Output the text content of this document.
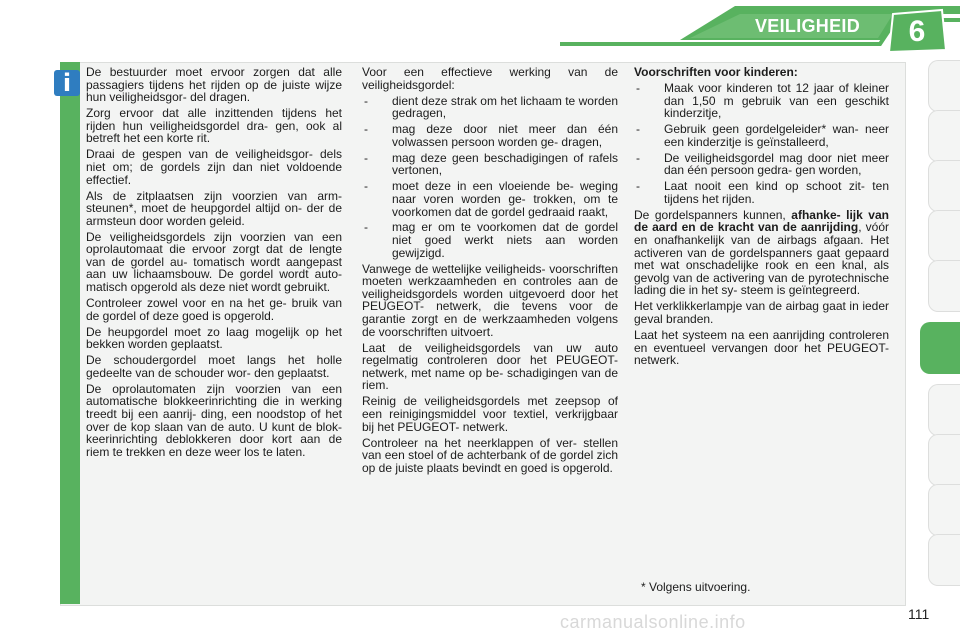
VEILIGHEID	6
i	De bestuurder moet ervoor zorgen dat alle passagiers tijdens het rijden op de juiste wijze hun veiligheidsgor- del dragen.

Zorg ervoor dat alle inzittenden tijdens het rijden hun veiligheidsgordel dra- gen, ook al betreft het een korte rit.

Draai de gespen van de veiligheidsgor- dels niet om; de gordels zijn dan niet voldoende effectief.

Als de zitplaatsen zijn voorzien van arm- steunen*, moet de heupgordel altijd on- der de armsteun door worden geleid.

De veiligheidsgordels zijn voorzien van een oprolautomaat die ervoor zorgt dat de lengte van de gordel au- tomatisch wordt aangepast aan uw lichaamsbouw. De gordel wordt auto- matisch opgerold als deze niet wordt gebruikt.

Controleer zowel voor en na het ge- bruik van de gordel of deze goed is opgerold.

De heupgordel moet zo laag mogelijk op het bekken worden geplaatst.

De schoudergordel moet langs het holle gedeelte van de schouder wor- den geplaatst.

De oprolautomaten zijn voorzien van een automatische blokkeerinrichting die in werking treedt bij een aanrij- ding, een noodstop of het over de kop slaan van de auto. U kunt de blok- keerinrichting deblokkeren door kort aan de riem te trekken en deze weer los te laten.

Voor een effectieve werking van de veiligheidsgordel:

- dient deze strak om het lichaam te worden gedragen,
- mag deze door niet meer dan één volwassen persoon worden ge- dragen,
- mag deze geen beschadigingen of rafels vertonen,
- moet deze in een vloeiende be- weging naar voren worden ge- trokken, om te voorkomen dat de gordel gedraaid raakt,
- mag er om te voorkomen dat de gordel niet goed werkt niets aan worden gewijzigd.

Vanwege de wettelijke veiligheids- voorschriften moeten werkzaamheden en controles aan de veiligheidsgordels worden uitgevoerd door het PEUGEOT- netwerk, die tevens voor de garantie zorgt en de werkzaamheden volgens de voorschriften uitvoert.

Laat de veiligheidsgordels van uw auto regelmatig controleren door het PEUGEOT-netwerk, met name op be- schadigingen van de riem.

Reinig de veiligheidsgordels met zeepsop of een reinigingsmiddel voor textiel, verkrijgbaar bij het PEUGEOT- netwerk.

Controleer na het neerklappen of ver- stellen van een stoel of de achterbank of de gordel zich op de juiste plaats bevindt en goed is opgerold.

Voorschriften voor kinderen:

- Maak voor kinderen tot 12 jaar of kleiner dan 1,50 m gebruik van een geschikt kinderzitje,
- Gebruik geen gordelgeleider* wan- neer een kinderzitje is geïnstalleerd,
- De veiligheidsgordel mag door niet meer dan één persoon gedra- gen worden,
- Laat nooit een kind op schoot zit- ten tijdens het rijden.

De gordelspanners kunnen, afhanke- lijk van de aard en de kracht van de aanrijding, vóór en onafhankelijk van de airbags afgaan. Het activeren van de gordelspanners gaat gepaard met wat onschadelijke rook en een knal, als gevolg van de activering van de pyrotechnische lading die in het sy- steem is geïntegreerd.

Het verklikkerlampje van de airbag gaat in ieder geval branden.

Laat het systeem na een aanrijding controleren en eventueel vervangen door het PEUGEOT-netwerk.

* Volgens uitvoering.
111
carmanualsonline.info
